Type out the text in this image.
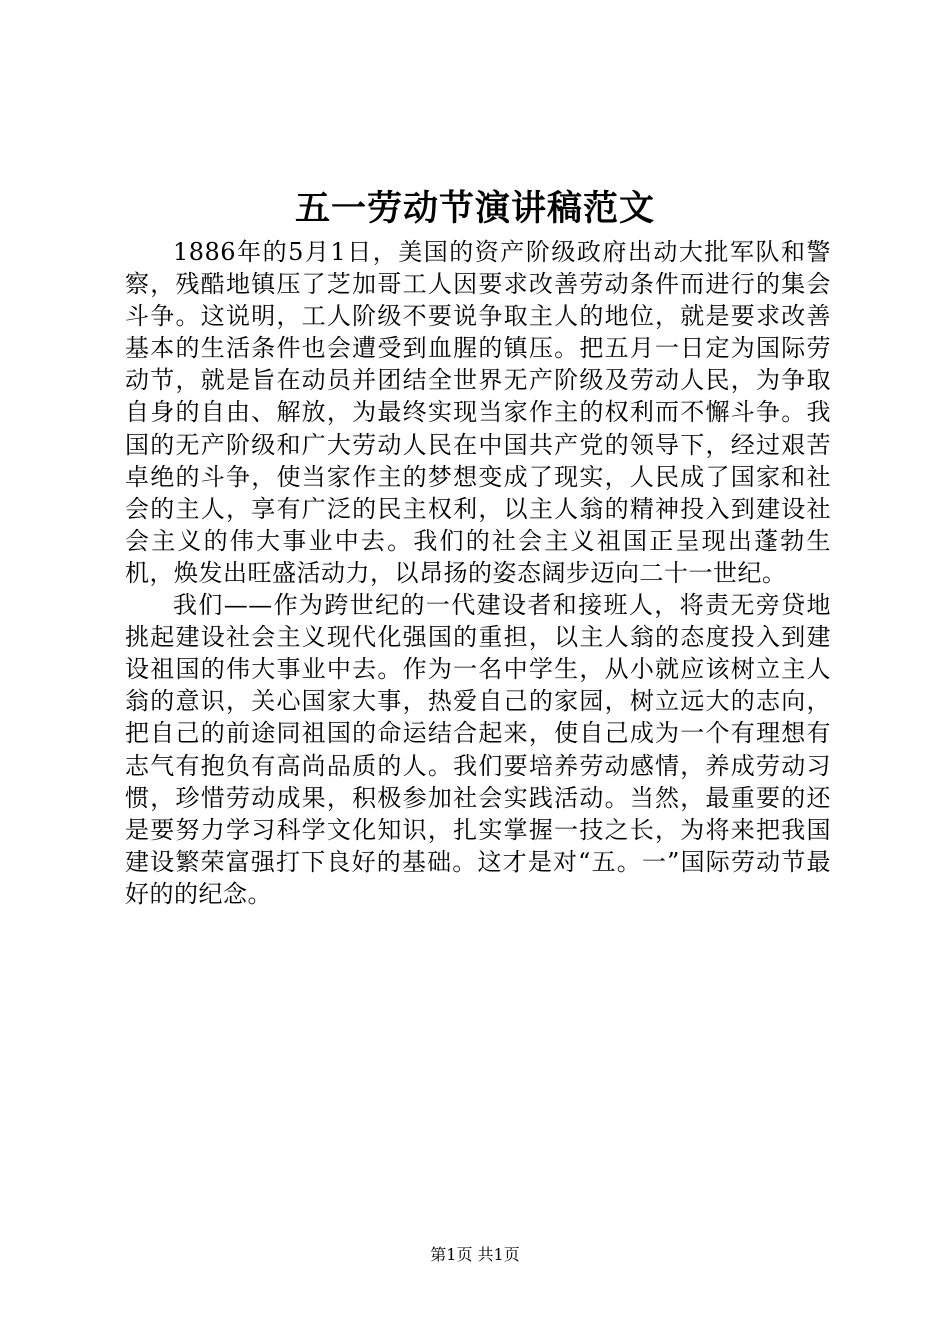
五一劳动节演讲稿范文

1886年的5月1日，美国的资产阶级政府出动大批军队和警察，残酷地镇压了芝加哥工人因要求改善劳动条件而进行的集会斗争。这说明，工人阶级不要说争取主人的地位，就是要求改善基本的生活条件也会遭受到血腥的镇压。把五月一日定为国际劳动节，就是旨在动员并团结全世界无产阶级及劳动人民，为争取自身的自由、解放，为最终实现当家作主的权利而不懈斗争。我国的无产阶级和广大劳动人民在中国共产党的领导下，经过艰苦卓绝的斗争，使当家作主的梦想变成了现实，人民成了国家和社会的主人，享有广泛的民主权利，以主人翁的精神投入到建设社会主义的伟大事业中去。我们的社会主义祖国正呈现出蓬勃生机，焕发出旺盛活动力，以昂扬的姿态阔步迈向二十一世纪。

我们——作为跨世纪的一代建设者和接班人，将责无旁贷地挑起建设社会主义现代化强国的重担，以主人翁的态度投入到建设祖国的伟大事业中去。作为一名中学生，从小就应该树立主人翁的意识，关心国家大事，热爱自己的家园，树立远大的志向，把自己的前途同祖国的命运结合起来，使自己成为一个有理想有志气有抱负有高尚品质的人。我们要培养劳动感情，养成劳动习惯，珍惜劳动成果，积极参加社会实践活动。当然，最重要的还是要努力学习科学文化知识，扎实掌握一技之长，为将来把我国建设繁荣富强打下良好的基础。这才是对“五。一”国际劳动节最好的的纪念。

第1页 共1页
